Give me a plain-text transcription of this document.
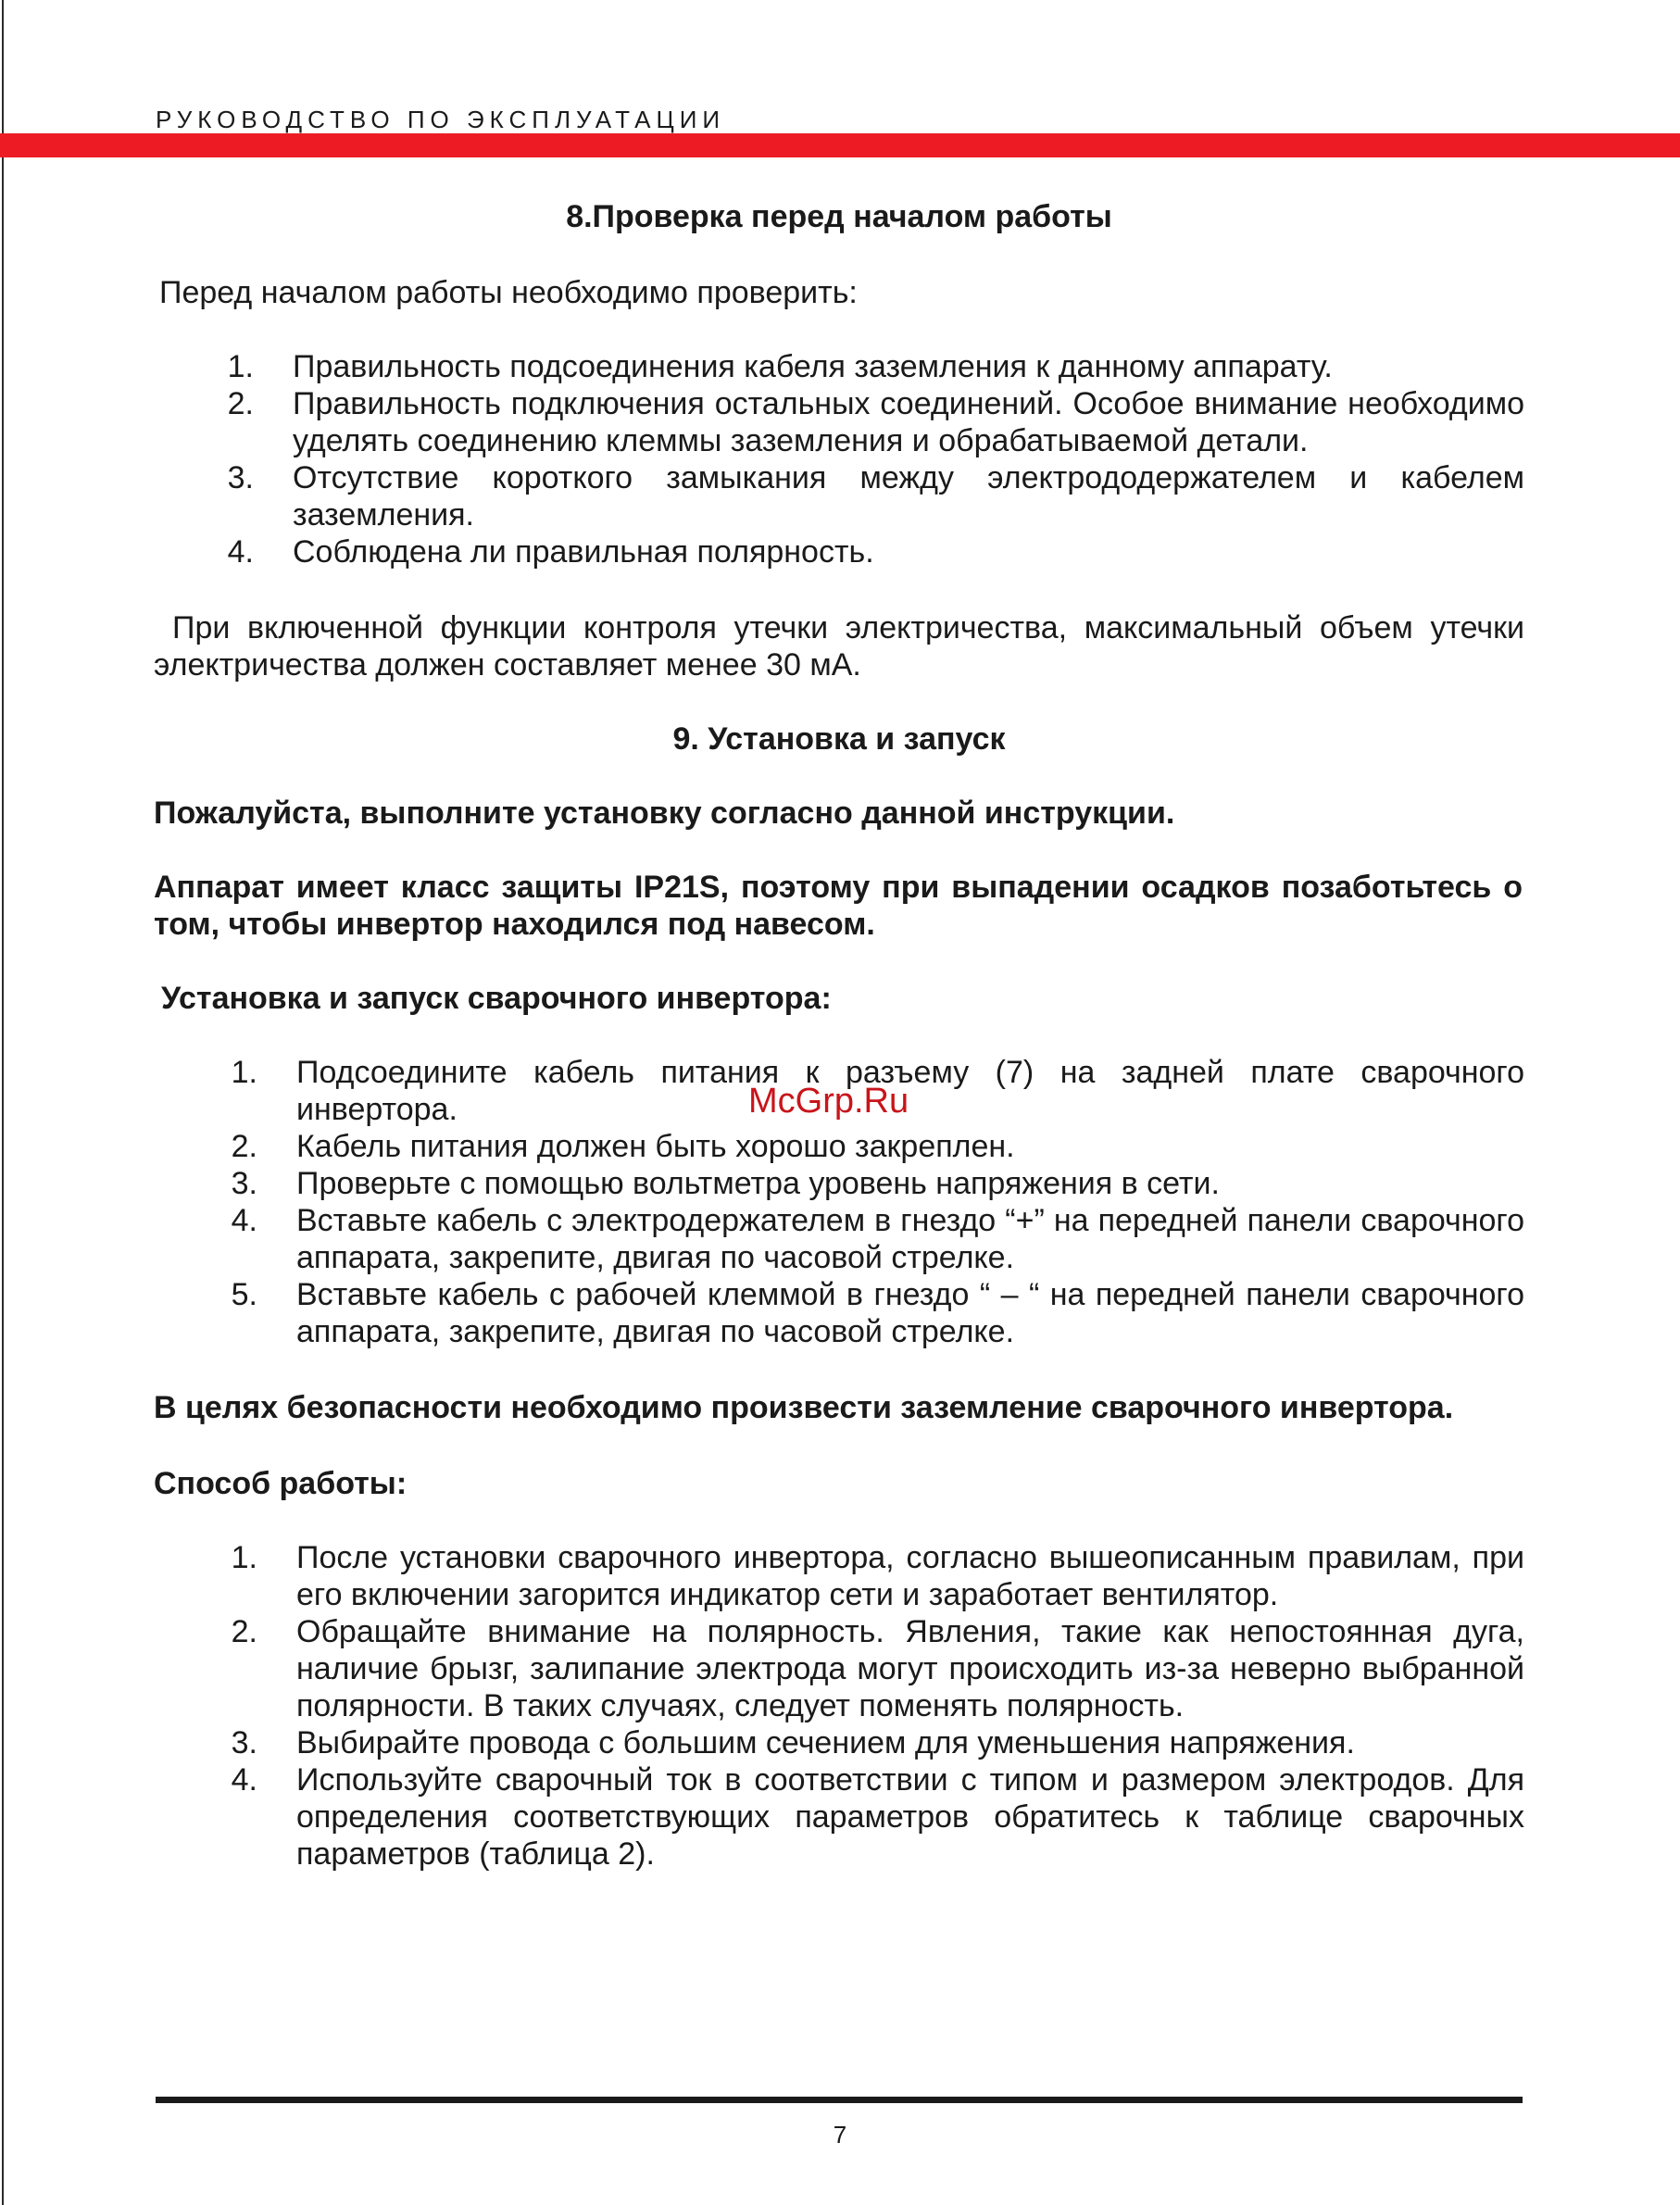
РУКОВОДСТВО ПО ЭКСПЛУАТАЦИИ
8.Проверка перед началом работы
Перед началом работы необходимо проверить:
1.	Правильность подсоединения кабеля заземления к данному аппарату.
2.	Правильность подключения остальных соединений. Особое внимание необходимо уделять соединению клеммы заземления и обрабатываемой детали.
3.	Отсутствие короткого замыкания между электрододержателем и кабелем заземления.
4.	Соблюдена ли правильная полярность.
При включенной функции контроля утечки электричества, максимальный объем утечки электричества должен составляет менее 30 мА.
9. Установка и запуск
Пожалуйста, выполните установку согласно данной инструкции.
Аппарат имеет класс защиты IP21S, поэтому при выпадении осадков позаботьтесь о том, чтобы инвертор находился под навесом.
Установка и запуск сварочного инвертора:
1.	Подсоедините кабель питания к разъему (7) на задней плате сварочного инвертора.
2.	Кабель питания должен быть хорошо закреплен.
3.	Проверьте с помощью вольтметра уровень напряжения в сети.
4.	Вставьте кабель с электродержателем в гнездо “+” на передней панели сварочного аппарата, закрепите, двигая по часовой стрелке.
5.	Вставьте кабель с рабочей клеммой в гнездо “ – “ на передней панели сварочного аппарата, закрепите, двигая по часовой стрелке.
В целях безопасности необходимо произвести заземление сварочного инвертора.
Способ работы:
1.	После установки сварочного инвертора, согласно вышеописанным правилам, при его включении загорится индикатор сети и заработает вентилятор.
2.	Обращайте внимание на полярность. Явления, такие как непостоянная дуга, наличие брызг, залипание электрода могут происходить из-за неверно выбранной полярности. В таких случаях, следует поменять полярность.
3.	Выбирайте провода с большим сечением для уменьшения напряжения.
4.	Используйте сварочный ток в соответствии с типом и размером электродов. Для определения соответствующих параметров обратитесь к таблице сварочных параметров (таблица 2).
McGrp.Ru
7
